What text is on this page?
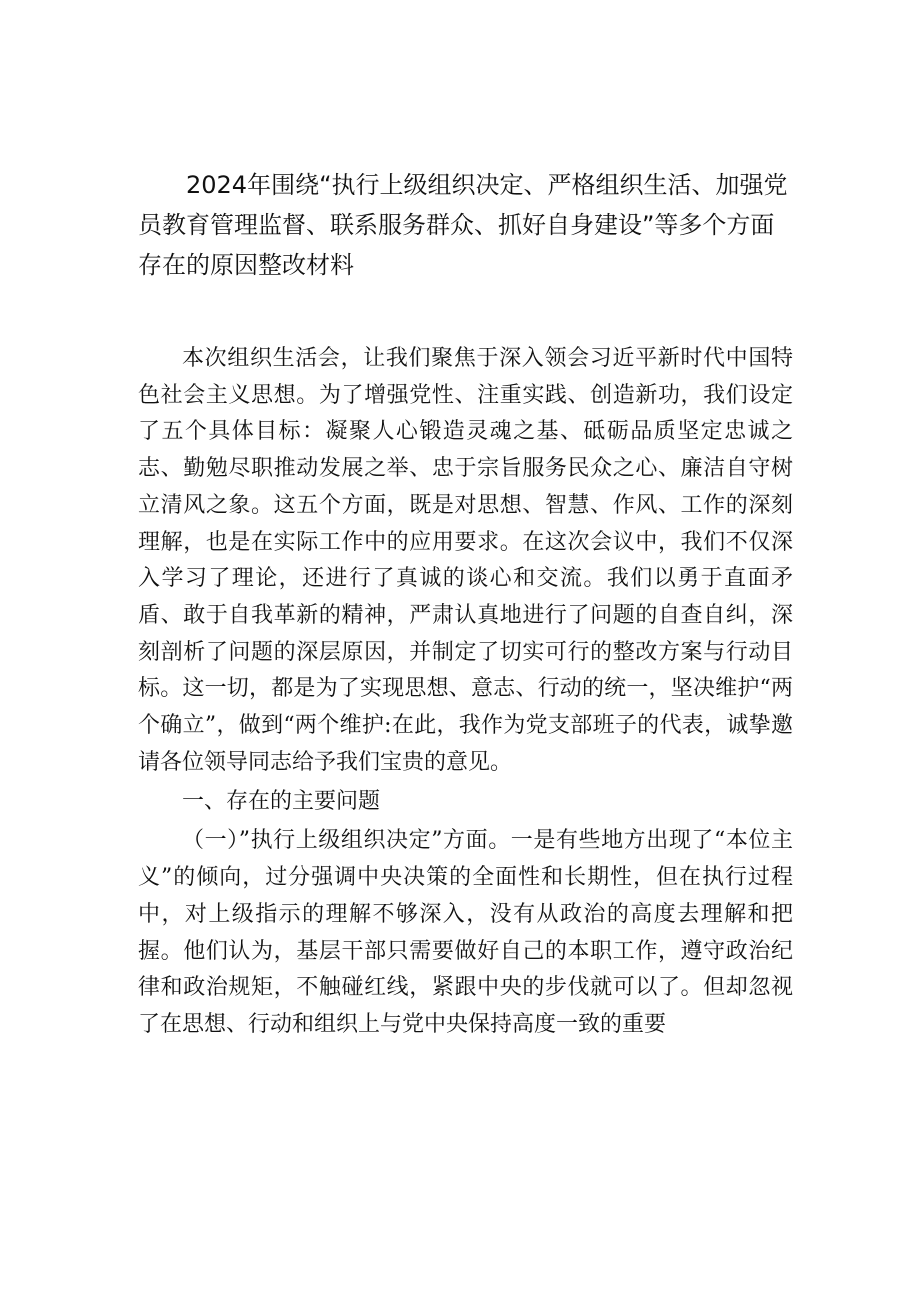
2024年围绕“执行上级组织决定、严格组织生活、加强党员教育管理监督、联系服务群众、抓好自身建设”等多个方面存在的原因整改材料

本次组织生活会，让我们聚焦于深入领会习近平新时代中国特色社会主义思想。为了增强党性、注重实践、创造新功，我们设定了五个具体目标：凝聚人心锻造灵魂之基、砥砺品质坚定忠诚之志、勤勉尽职推动发展之举、忠于宗旨服务民众之心、廉洁自守树立清风之象。这五个方面，既是对思想、智慧、作风、工作的深刻理解，也是在实际工作中的应用要求。在这次会议中，我们不仅深入学习了理论，还进行了真诚的谈心和交流。我们以勇于直面矛盾、敢于自我革新的精神，严肃认真地进行了问题的自查自纠，深刻剖析了问题的深层原因，并制定了切实可行的整改方案与行动目标。这一切，都是为了实现思想、意志、行动的统一，坚决维护“两个确立”，做到“两个维护:在此，我作为党支部班子的代表，诚挚邀请各位领导同志给予我们宝贵的意见。

一、存在的主要问题

（一）”执行上级组织决定”方面。一是有些地方出现了“本位主义”的倾向，过分强调中央决策的全面性和长期性，但在执行过程中，对上级指示的理解不够深入，没有从政治的高度去理解和把握。他们认为，基层干部只需要做好自己的本职工作，遵守政治纪律和政治规矩，不触碰红线，紧跟中央的步伐就可以了。但却忽视了在思想、行动和组织上与党中央保持高度一致的重要
